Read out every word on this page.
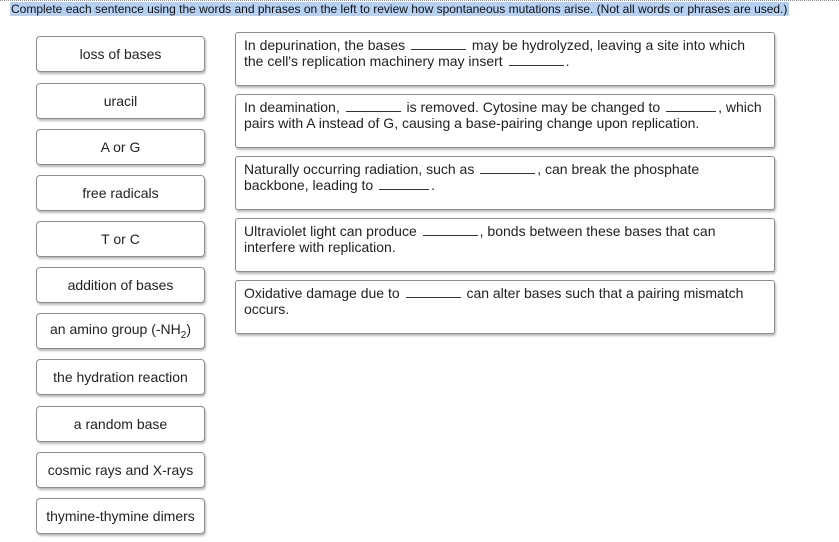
Complete each sentence using the words and phrases on the left to review how spontaneous mutations arise. (Not all words or phrases are used.)
loss of bases
uracil
A or G
free radicals
T or C
addition of bases
an amino group $(-NH_2)$
the hydration reaction
a random base
cosmic rays and X-rays
thymine-thymine dimers
In depurination, the bases	may be hydrolyzed, leaving a site into which the cell's replication machinery may insert	.
In deamination,	is removed. Cytosine may be changed to	, which pairs with A instead of G, causing a base-pairing change upon replication.
Naturally occurring radiation, such as	, can break the phosphate backbone, leading to	.
Ultraviolet light can produce	, bonds between these bases that can interfere with replication.
Oxidative damage due to	can alter bases such that a pairing mismatch occurs.
